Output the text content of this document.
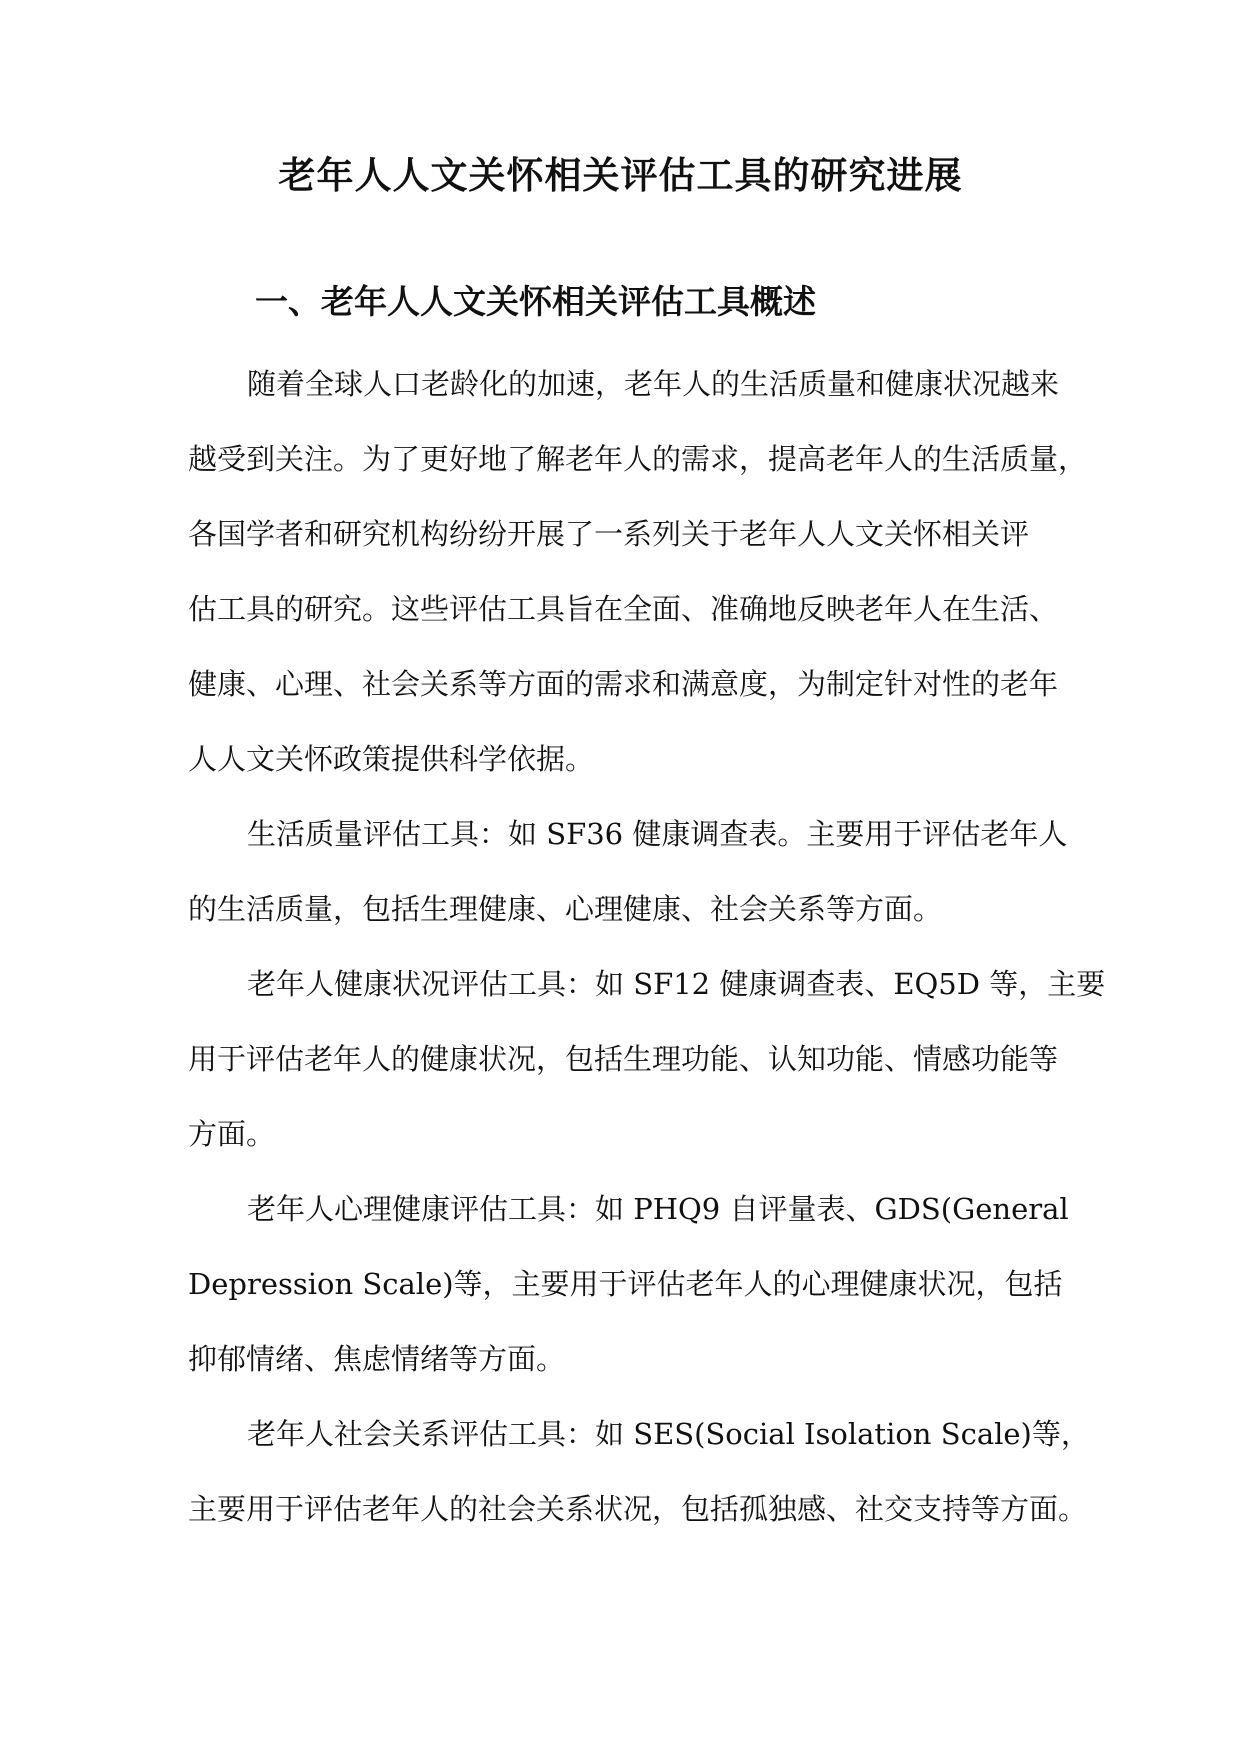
老年人人文关怀相关评估工具的研究进展
一、老年人人文关怀相关评估工具概述
随着全球人口老龄化的加速，老年人的生活质量和健康状况越来
越受到关注。为了更好地了解老年人的需求，提高老年人的生活质量，
各国学者和研究机构纷纷开展了一系列关于老年人人文关怀相关评
估工具的研究。这些评估工具旨在全面、准确地反映老年人在生活、
健康、心理、社会关系等方面的需求和满意度，为制定针对性的老年
人人文关怀政策提供科学依据。
生活质量评估工具：如 SF36 健康调查表。主要用于评估老年人
的生活质量，包括生理健康、心理健康、社会关系等方面。
老年人健康状况评估工具：如 SF12 健康调查表、EQ5D 等，主要
用于评估老年人的健康状况，包括生理功能、认知功能、情感功能等
方面。
老年人心理健康评估工具：如 PHQ9 自评量表、GDS(General
Depression Scale)等，主要用于评估老年人的心理健康状况，包括
抑郁情绪、焦虑情绪等方面。
老年人社会关系评估工具：如 SES(Social Isolation Scale)等，
主要用于评估老年人的社会关系状况，包括孤独感、社交支持等方面。
